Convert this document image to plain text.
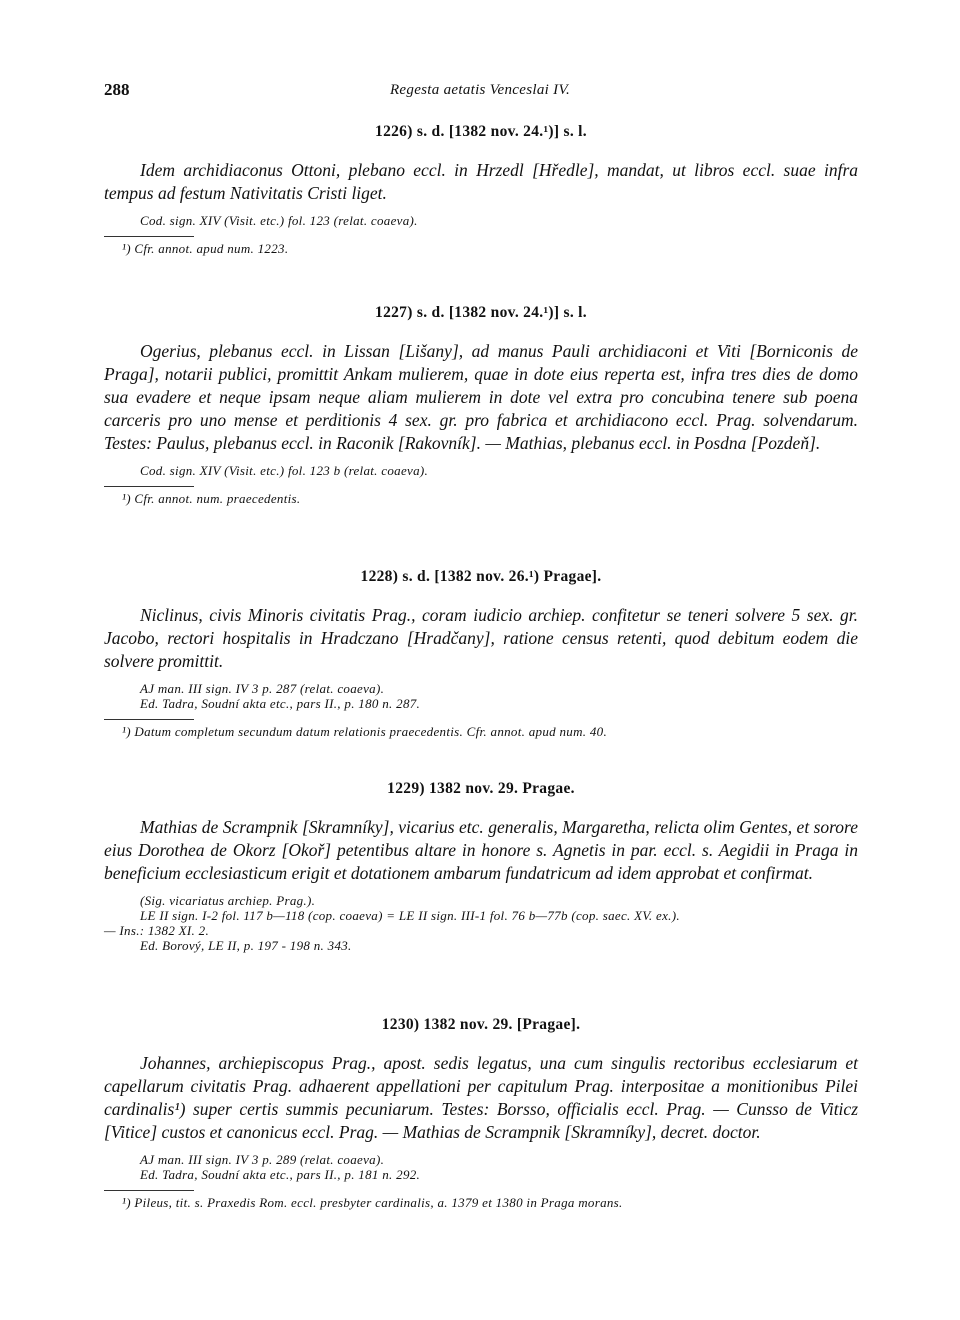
288	Regesta aetatis Venceslai IV.
1226) s. d. [1382 nov. 24.¹)] s. l.

Idem archidiaconus Ottoni, plebano eccl. in Hrzedl [Hředle], mandat, ut libros eccl. suae infra tempus ad festum Nativitatis Cristi liget.

Cod. sign. XIV (Visit. etc.) fol. 123 (relat. coaeva).
¹) Cfr. annot. apud num. 1223.
1227) s. d. [1382 nov. 24.¹)] s. l.

Ogerius, plebanus eccl. in Lissan [Lišany], ad manus Pauli archidiaconi et Viti [Borniconis de Praga], notarii publici, promittit Ankam mulierem, quae in dote eius reperta est, infra tres dies de domo sua evadere et neque ipsam neque aliam mulierem in dote vel extra pro concubina tenere sub poena carceris pro uno mense et perditionis 4 sex. gr. pro fabrica et archidiacono eccl. Prag. solvendarum. Testes: Paulus, plebanus eccl. in Raconik [Rakovník]. — Mathias, plebanus eccl. in Posdna [Pozdeň].

Cod. sign. XIV (Visit. etc.) fol. 123 b (relat. coaeva).
¹) Cfr. annot. num. praecedentis.
1228) s. d. [1382 nov. 26.¹) Pragae].

Niclinus, civis Minoris civitatis Prag., coram iudicio archiep. confitetur se teneri solvere 5 sex. gr. Jacobo, rectori hospitalis in Hradczano [Hradčany], ratione census retenti, quod debitum eodem die solvere promittit.

AJ man. III sign. IV 3 p. 287 (relat. coaeva).
Ed. Tadra, Soudní akta etc., pars II., p. 180 n. 287.
¹) Datum completum secundum datum relationis praecedentis. Cfr. annot. apud num. 40.
1229) 1382 nov. 29. Pragae.

Mathias de Scrampnik [Skramníky], vicarius etc. generalis, Margaretha, relicta olim Gentes, et sorore eius Dorothea de Okorz [Okoř] petentibus altare in honore s. Agnetis in par. eccl. s. Aegidii in Praga in beneficium ecclesiasticum erigit et dotationem ambarum fundatricum ad idem approbat et confirmat.

(Sig. vicariatus archiep. Prag.).
LE II sign. I-2 fol. 117 b—118 (cop. coaeva) = LE II sign. III-1 fol. 76 b—77b (cop. saec. XV. ex.).
— Ins.: 1382 XI. 2.
Ed. Borový, LE II, p. 197 - 198 n. 343.
1230) 1382 nov. 29. [Pragae].

Johannes, archiepiscopus Prag., apost. sedis legatus, una cum singulis rectoribus ecclesiarum et capellarum civitatis Prag. adhaerent appellationi per capitulum Prag. interpositae a monitionibus Pilei cardinalis¹) super certis summis pecuniarum. Testes: Borsso, officialis eccl. Prag. — Cunsso de Viticz [Vitice] custos et canonicus eccl. Prag. — Mathias de Scrampnik [Skramníky], decret. doctor.

AJ man. III sign. IV 3 p. 289 (relat. coaeva).
Ed. Tadra, Soudní akta etc., pars II., p. 181 n. 292.
¹) Pileus, tit. s. Praxedis Rom. eccl. presbyter cardinalis, a. 1379 et 1380 in Praga morans.
